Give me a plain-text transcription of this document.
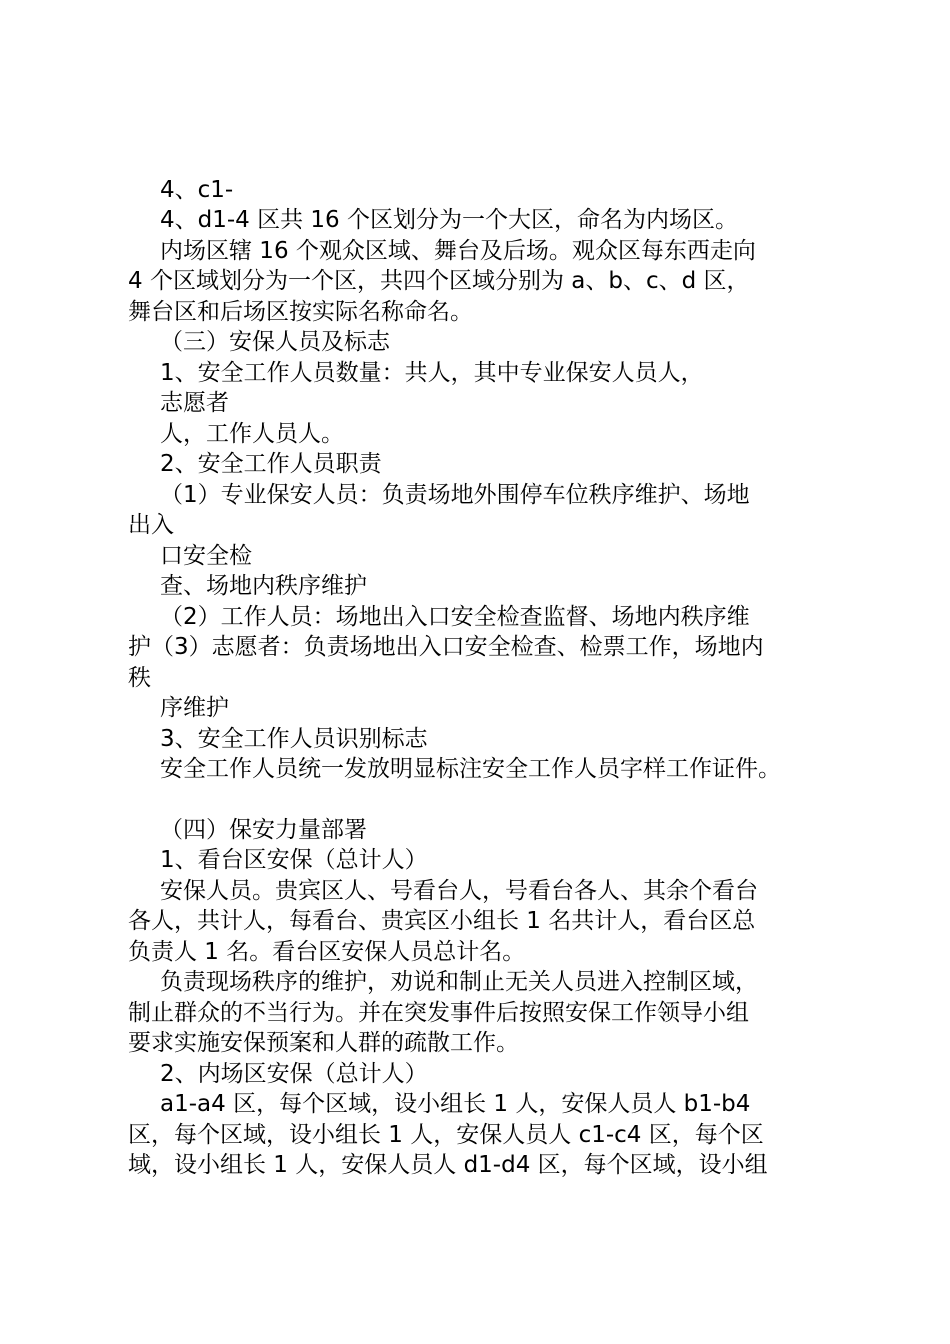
4、c1-

4、d1-4 区共 16 个区划分为一个大区，命名为内场区。

内场区辖 16 个观众区域、舞台及后场。观众区每东西走向

4 个区域划分为一个区，共四个区域分别为 a、b、c、d 区，

舞台区和后场区按实际名称命名。

（三）安保人员及标志

1、安全工作人员数量：共人，其中专业保安人员人，

志愿者

人，工作人员人。

2、安全工作人员职责

（1）专业保安人员：负责场地外围停车位秩序维护、场地

出入

口安全检

查、场地内秩序维护

（2）工作人员：场地出入口安全检查监督、场地内秩序维

护（3）志愿者：负责场地出入口安全检查、检票工作，场地内

秩

序维护

3、安全工作人员识别标志

安全工作人员统一发放明显标注安全工作人员字样工作证件。

（四）保安力量部署

1、看台区安保（总计人）

安保人员。贵宾区人、号看台人，号看台各人、其余个看台

各人，共计人，每看台、贵宾区小组长 1 名共计人，看台区总

负责人 1 名。看台区安保人员总计名。

负责现场秩序的维护，劝说和制止无关人员进入控制区域，

制止群众的不当行为。并在突发事件后按照安保工作领导小组

要求实施安保预案和人群的疏散工作。

2、内场区安保（总计人）

a1-a4 区，每个区域，设小组长 1 人，安保人员人 b1-b4

区，每个区域，设小组长 1 人，安保人员人 c1-c4 区，每个区

域，设小组长 1 人，安保人员人 d1-d4 区，每个区域，设小组
